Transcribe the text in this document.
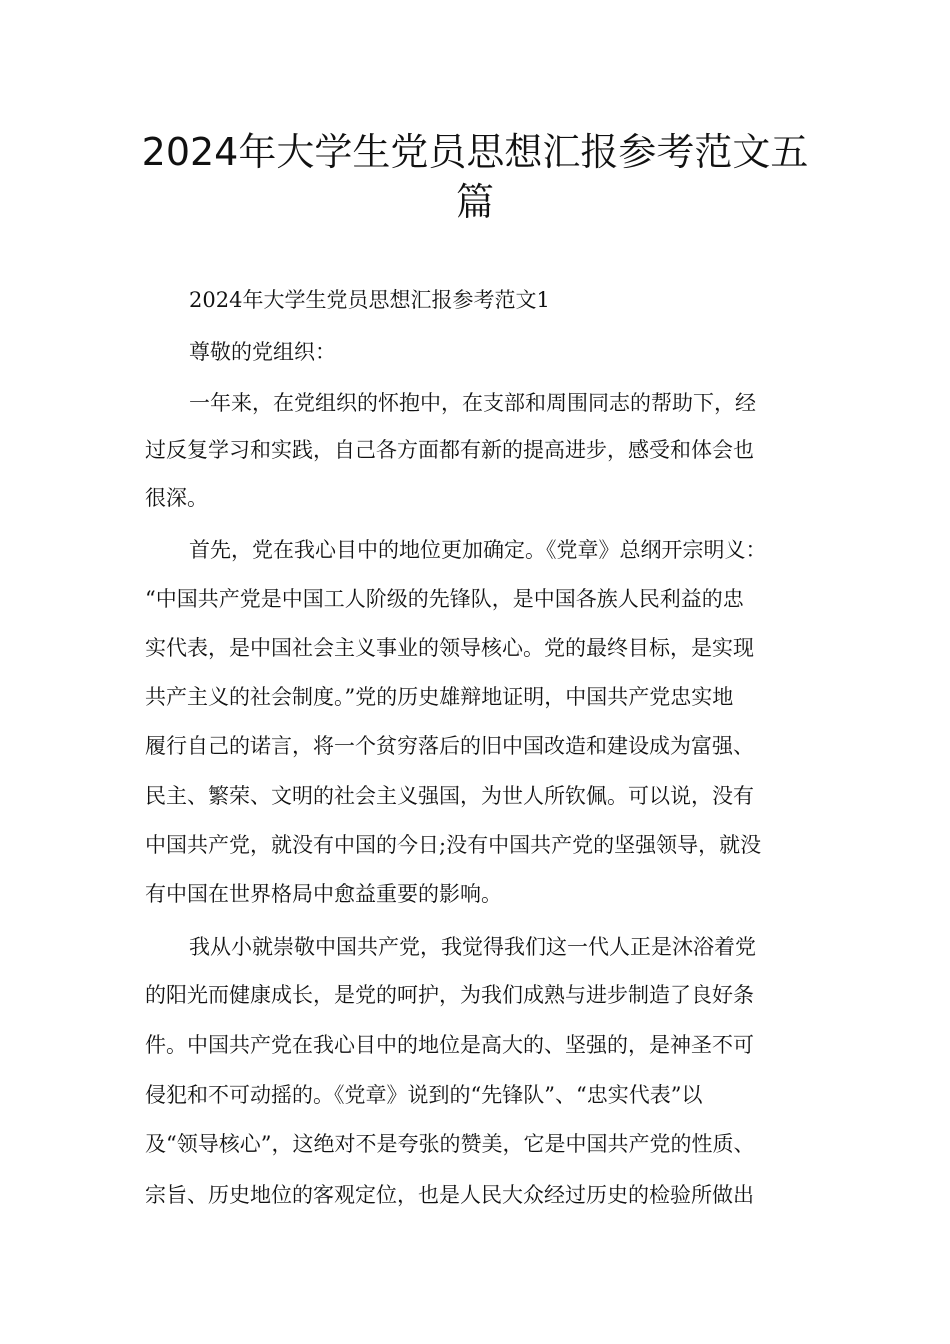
2024年大学生党员思想汇报参考范文五
篇

2024年大学生党员思想汇报参考范文1

尊敬的党组织：

一年来，在党组织的怀抱中，在支部和周围同志的帮助下，经

过反复学习和实践，自己各方面都有新的提高进步，感受和体会也

很深。

首先，党在我心目中的地位更加确定。《党章》总纲开宗明义：

“中国共产党是中国工人阶级的先锋队，是中国各族人民利益的忠

实代表，是中国社会主义事业的领导核心。党的最终目标，是实现

共产主义的社会制度。”党的历史雄辩地证明，中国共产党忠实地

履行自己的诺言，将一个贫穷落后的旧中国改造和建设成为富强、

民主、繁荣、文明的社会主义强国，为世人所钦佩。可以说，没有

中国共产党，就没有中国的今日;没有中国共产党的坚强领导，就没

有中国在世界格局中愈益重要的影响。

我从小就崇敬中国共产党，我觉得我们这一代人正是沐浴着党

的阳光而健康成长，是党的呵护，为我们成熟与进步制造了良好条

件。中国共产党在我心目中的地位是高大的、坚强的，是神圣不可

侵犯和不可动摇的。《党章》说到的“先锋队”、“忠实代表”以

及“领导核心”，这绝对不是夸张的赞美，它是中国共产党的性质、

宗旨、历史地位的客观定位，也是人民大众经过历史的检验所做出
